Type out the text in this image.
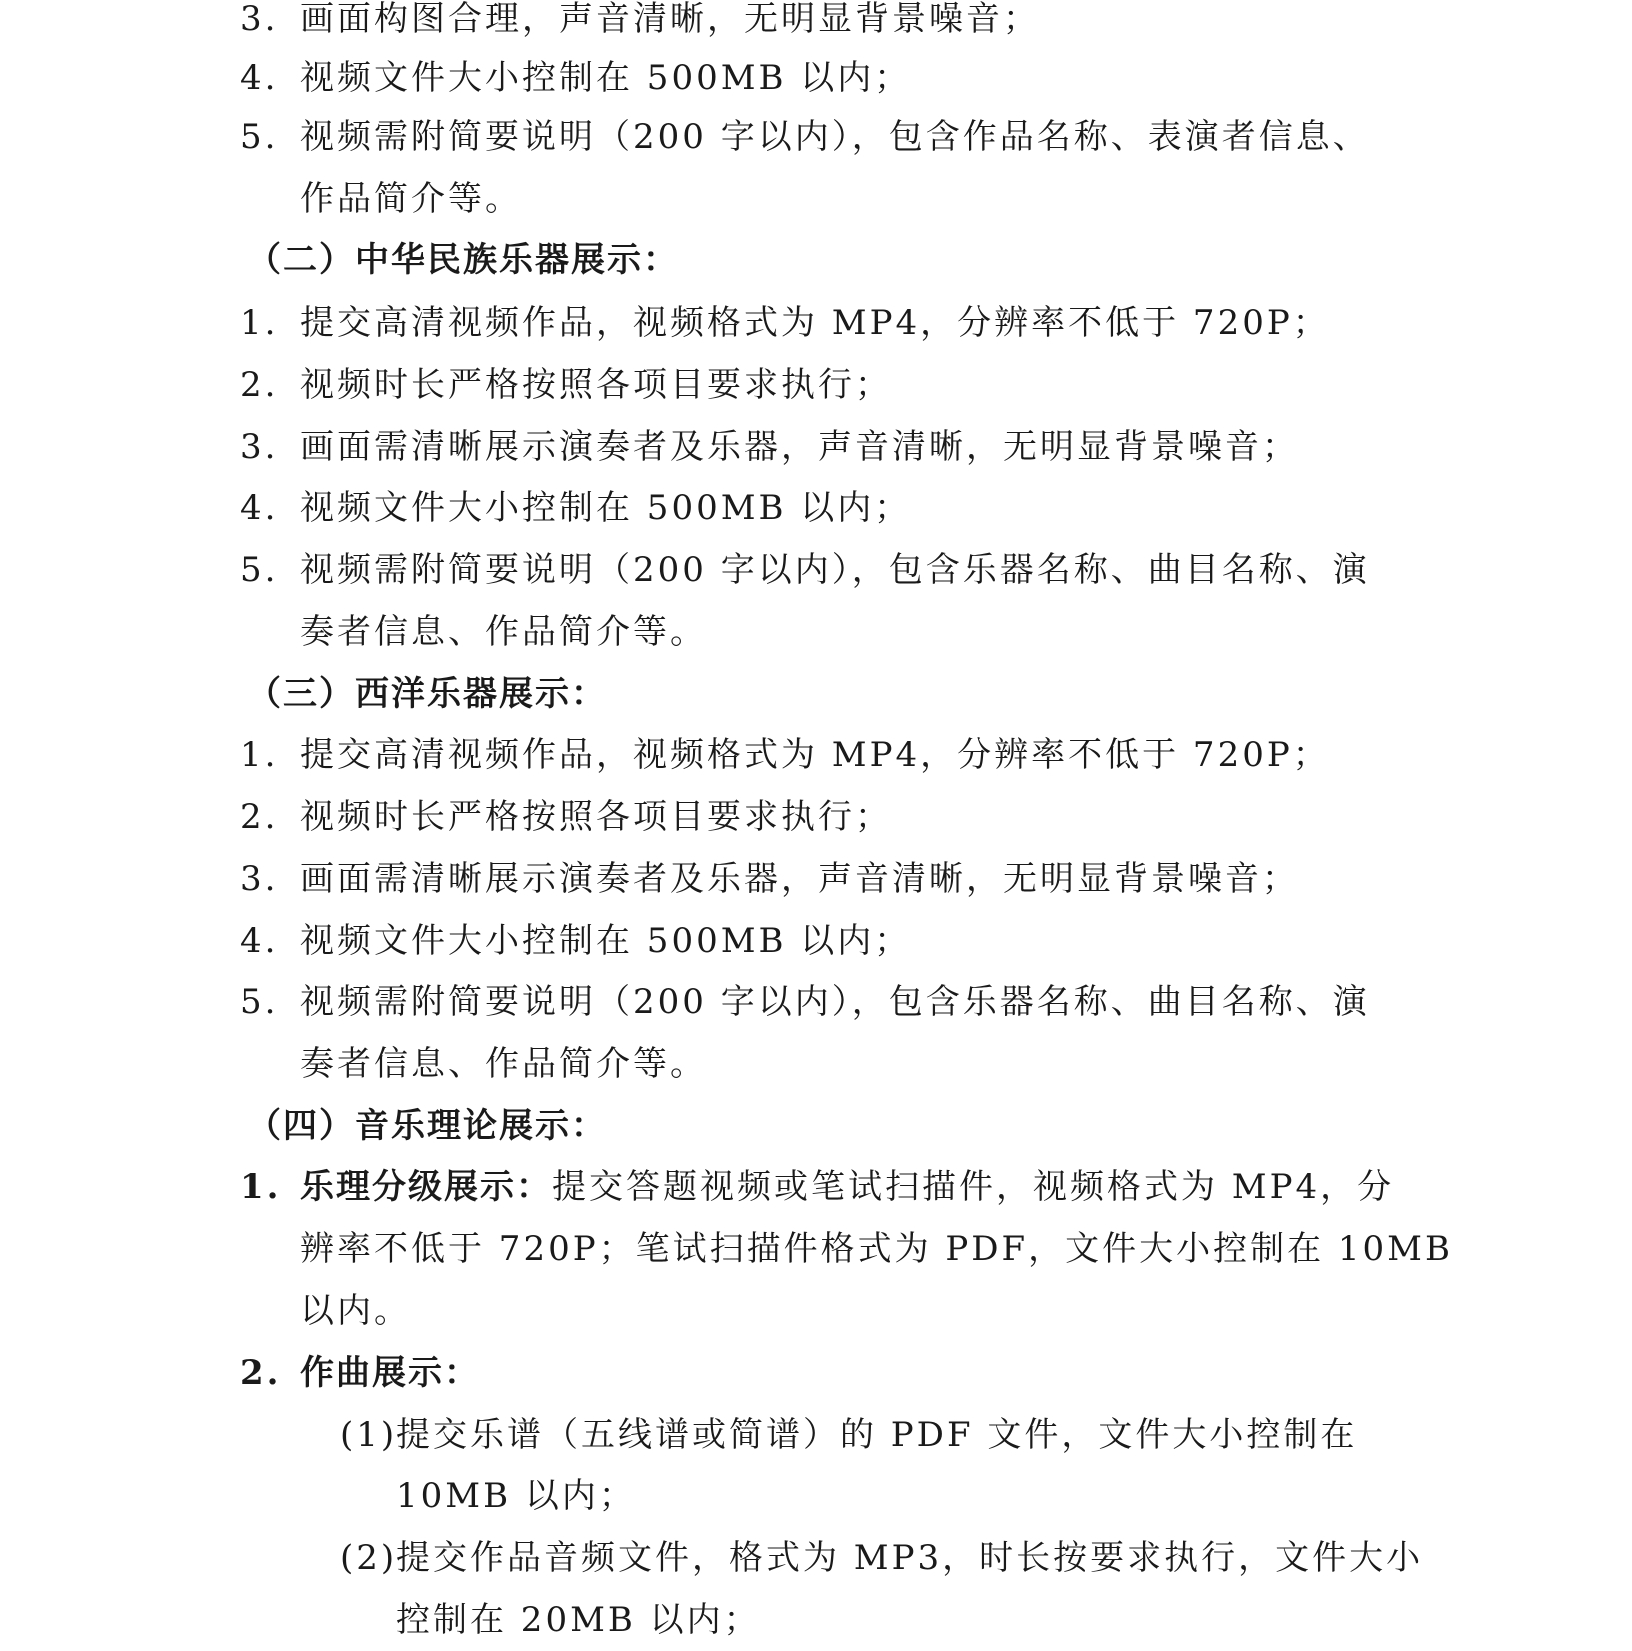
3. 画面构图合理，声音清晰，无明显背景噪音；
4. 视频文件大小控制在 500MB 以内；
5. 视频需附简要说明（200 字以内），包含作品名称、表演者信息、
作品简介等。
（二）中华民族乐器展示：
1. 提交高清视频作品，视频格式为 MP4，分辨率不低于 720P；
2. 视频时长严格按照各项目要求执行；
3. 画面需清晰展示演奏者及乐器，声音清晰，无明显背景噪音；
4. 视频文件大小控制在 500MB 以内；
5. 视频需附简要说明（200 字以内），包含乐器名称、曲目名称、演
奏者信息、作品简介等。
（三）西洋乐器展示：
1. 提交高清视频作品，视频格式为 MP4，分辨率不低于 720P；
2. 视频时长严格按照各项目要求执行；
3. 画面需清晰展示演奏者及乐器，声音清晰，无明显背景噪音；
4. 视频文件大小控制在 500MB 以内；
5. 视频需附简要说明（200 字以内），包含乐器名称、曲目名称、演
奏者信息、作品简介等。
（四）音乐理论展示：
1. 乐理分级展示：提交答题视频或笔试扫描件，视频格式为 MP4，分
辨率不低于 720P；笔试扫描件格式为 PDF，文件大小控制在 10MB
以内。
2. 作曲展示：
(1)
提交乐谱（五线谱或简谱）的 PDF 文件，文件大小控制在
10MB 以内；
(2)
提交作品音频文件，格式为 MP3，时长按要求执行，文件大小
控制在 20MB 以内；
